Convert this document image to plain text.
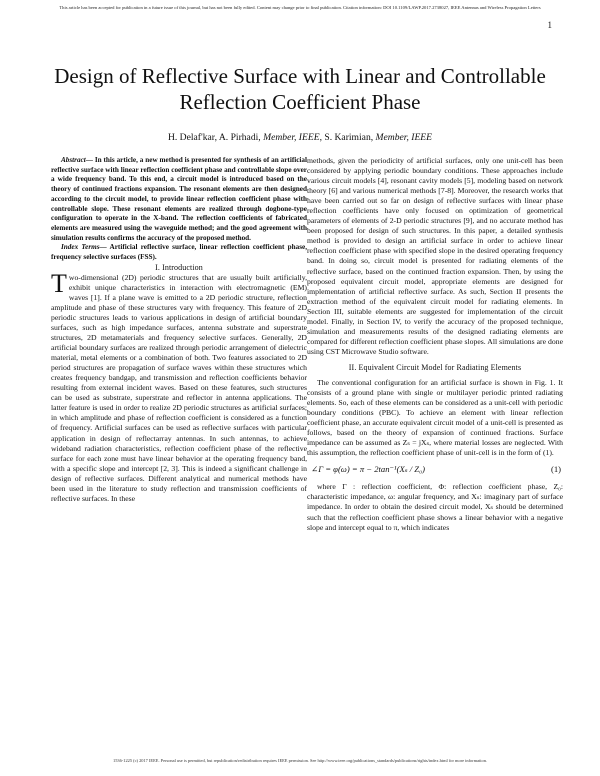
This article has been accepted for publication in a future issue of this journal, but has not been fully edited. Content may change prior to final publication. Citation information: DOI 10.1109/LAWP.2017.2738027, IEEE Antennas and Wireless Propagation Letters
1
Design of Reflective Surface with Linear and Controllable Reflection Coefficient Phase
H. Delaf'kar, A. Pirhadi, Member, IEEE, S. Karimian, Member, IEEE

Abstract— In this article, a new method is presented for synthesis of an artificial reflective surface with linear reflection coefficient phase and controllable slope over a wide frequency band. To this end, a circuit model is introduced based on the theory of continued fractions expansion. The resonant elements are then designed according to the circuit model, to provide linear reflection coefficient phase with controllable slope. These resonant elements are realized through dogbone-type configuration to operate in the X-band. The reflection coefficients of fabricated elements are measured using the waveguide method; and the good agreement with simulation results confirms the accuracy of the proposed method.

Index Terms— Artificial reflective surface, linear reflection coefficient phase, frequency selective surfaces (FSS).

I. Introduction

Two-dimensional (2D) periodic structures that are usually built artificially, exhibit unique characteristics in interaction with electromagnetic (EM) waves [1]. If a plane wave is emitted to a 2D periodic structure, reflection amplitude and phase of these structures vary with frequency. This feature of 2D periodic structures leads to various applications in design of artificial boundary surfaces, such as high impedance surfaces, antenna substrate and superstrate structures, 2D metamaterials and frequency selective surfaces. Generally, 2D artificial boundary surfaces are realized through periodic arrangement of dielectric material, metal elements or a combination of both. Two features associated to 2D period structures are propagation of surface waves within these structures which creates frequency bandgap, and transmission and reflection coefficients behavior resulting from external incident waves. Based on these features, such structures can be used as substrate, superstrate and reflector in antenna applications. The latter feature is used in order to realize 2D periodic structures as artificial surfaces; in which amplitude and phase of reflection coefficient is considered as a function of frequency. Artificial surfaces can be used as reflective surfaces with particular application in design of reflectarray antennas. In such antennas, to achieve wideband radiation characteristics, reflection coefficient phase of the reflective surface for each zone must have linear behavior at the operating frequency band, with a specific slope and intercept [2, 3]. This is indeed a significant challenge in design of reflective surfaces. Different analytical and numerical methods have been used in the literature to study reflection and transmission coefficients of reflective surfaces. In these

methods, given the periodicity of artificial surfaces, only one unit-cell has been considered by applying periodic boundary conditions. These approaches include various circuit models [4], resonant cavity models [5], modeling based on network theory [6] and various numerical methods [7-8]. Moreover, the research works that have been carried out so far on design of reflective surfaces with linear phase reflection coefficients have only focused on optimization of geometrical parameters of elements of 2-D periodic structures [9], and no accurate method has been proposed for design of such structures. In this paper, a detailed synthesis method is provided to design an artificial surface in order to achieve linear reflection coefficient phase with specified slope in the desired operating frequency band. In doing so, circuit model is presented for radiating elements of the reflective surface, based on the continued fraction expansion. Then, by using the proposed equivalent circuit model, appropriate elements are designed for implementation of artificial reflective surface. As such, Section II presents the extraction method of the equivalent circuit model for radiating elements. In Section III, suitable elements are suggested for implementation of the circuit model. Finally, in Section IV, to verify the accuracy of the proposed technique, simulation and measurements results of the designed radiating elements are compared for different reflection coefficient phase slopes. All simulations are done using CST Microwave Studio software.

II. Equivalent Circuit Model for Radiating Elements

The conventional configuration for an artificial surface is shown in Fig. 1. It consists of a ground plane with single or multilayer periodic printed radiating elements. So, each of these elements can be considered as a unit-cell with periodic boundary conditions (PBC). To achieve an element with linear reflection coefficient phase, an accurate equivalent circuit model of a unit-cell is presented as follows, based on the theory of expansion of continued fractions. Surface impedance can be assumed as Zₛ = jXₛ, where material losses are neglected. With this assumption, the reflection coefficient phase of unit-cell is in the form of (1).

∠Γ = φ(ω) = π − 2tan⁻¹(Xₛ / Z₀)	(1)

where Γ : reflection coefficient, Φ: reflection coefficient phase, Z₀: characteristic impedance, ω: angular frequency, and Xₛ: imaginary part of surface impedance. In order to obtain the desired circuit model, Xₛ should be determined such that the reflection coefficient phase shows a linear behavior with a negative slope and intercept equal to π, which indicates

1536-1225 (c) 2017 IEEE. Personal use is permitted, but republication/redistribution requires IEEE permission. See http://www.ieee.org/publications_standards/publications/rights/index.html for more information.
